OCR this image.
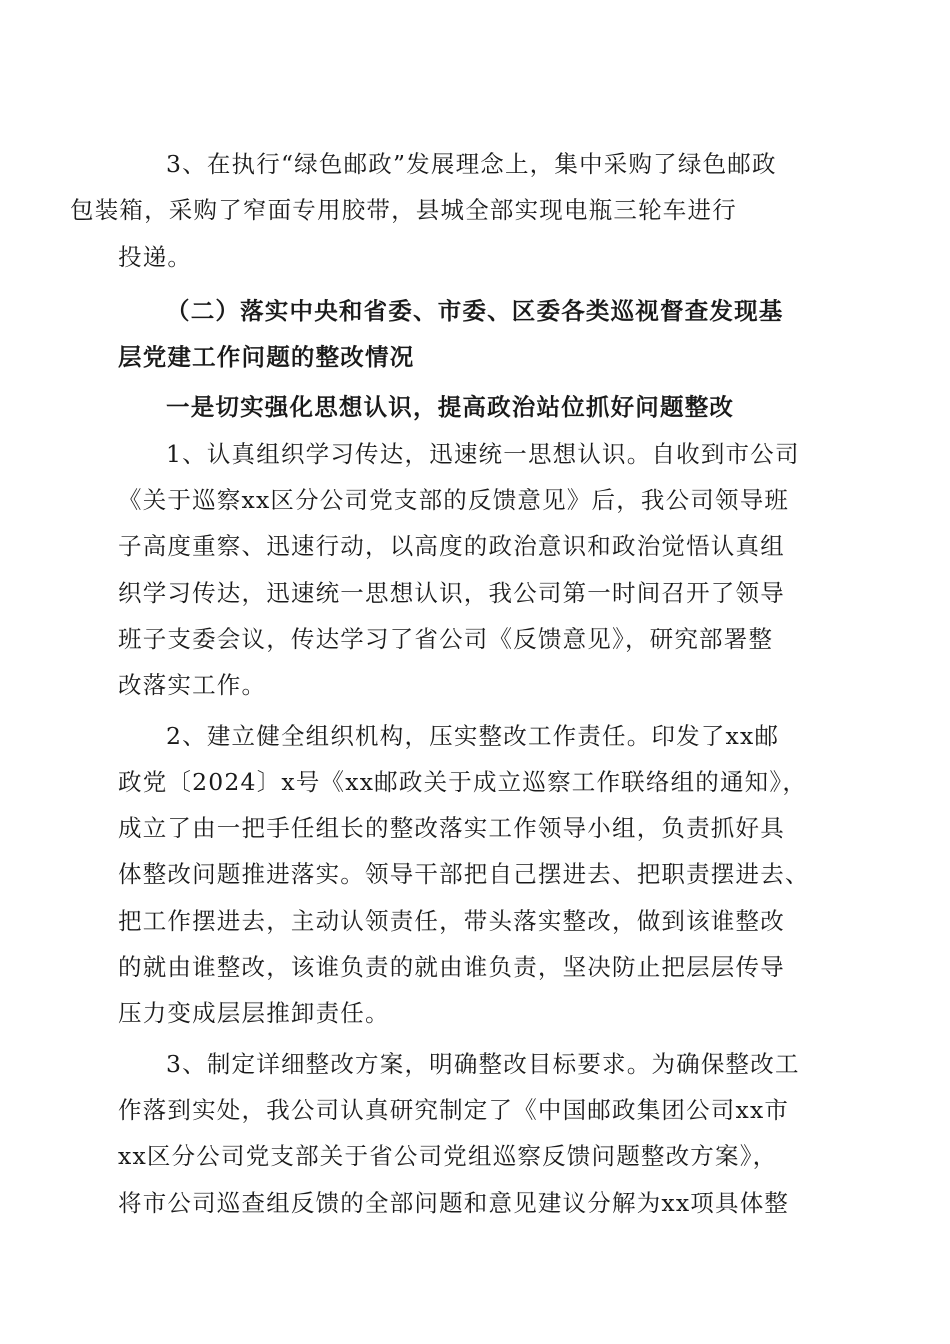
3、在执行“绿色邮政”发展理念上，集中采购了绿色邮政
包装箱，采购了窄面专用胶带，县城全部实现电瓶三轮车进行
投递。

（二）落实中央和省委、市委、区委各类巡视督查发现基
层党建工作问题的整改情况

一是切实强化思想认识，提高政治站位抓好问题整改

1、认真组织学习传达，迅速统一思想认识。自收到市公司
《关于巡察xx区分公司党支部的反馈意见》后，我公司领导班
子高度重察、迅速行动，以高度的政治意识和政治觉悟认真组
织学习传达，迅速统一思想认识，我公司第一时间召开了领导
班子支委会议，传达学习了省公司《反馈意见》，研究部署整
改落实工作。

2、建立健全组织机构，压实整改工作责任。印发了xx邮
政党〔2024〕x号《xx邮政关于成立巡察工作联络组的通知》，
成立了由一把手任组长的整改落实工作领导小组，负责抓好具
体整改问题推进落实。领导干部把自己摆进去、把职责摆进去、
把工作摆进去，主动认领责任，带头落实整改，做到该谁整改
的就由谁整改，该谁负责的就由谁负责，坚决防止把层层传导
压力变成层层推卸责任。

3、制定详细整改方案，明确整改目标要求。为确保整改工
作落到实处，我公司认真研究制定了《中国邮政集团公司xx市
xx区分公司党支部关于省公司党组巡察反馈问题整改方案》，
将市公司巡查组反馈的全部问题和意见建议分解为xx项具体整
